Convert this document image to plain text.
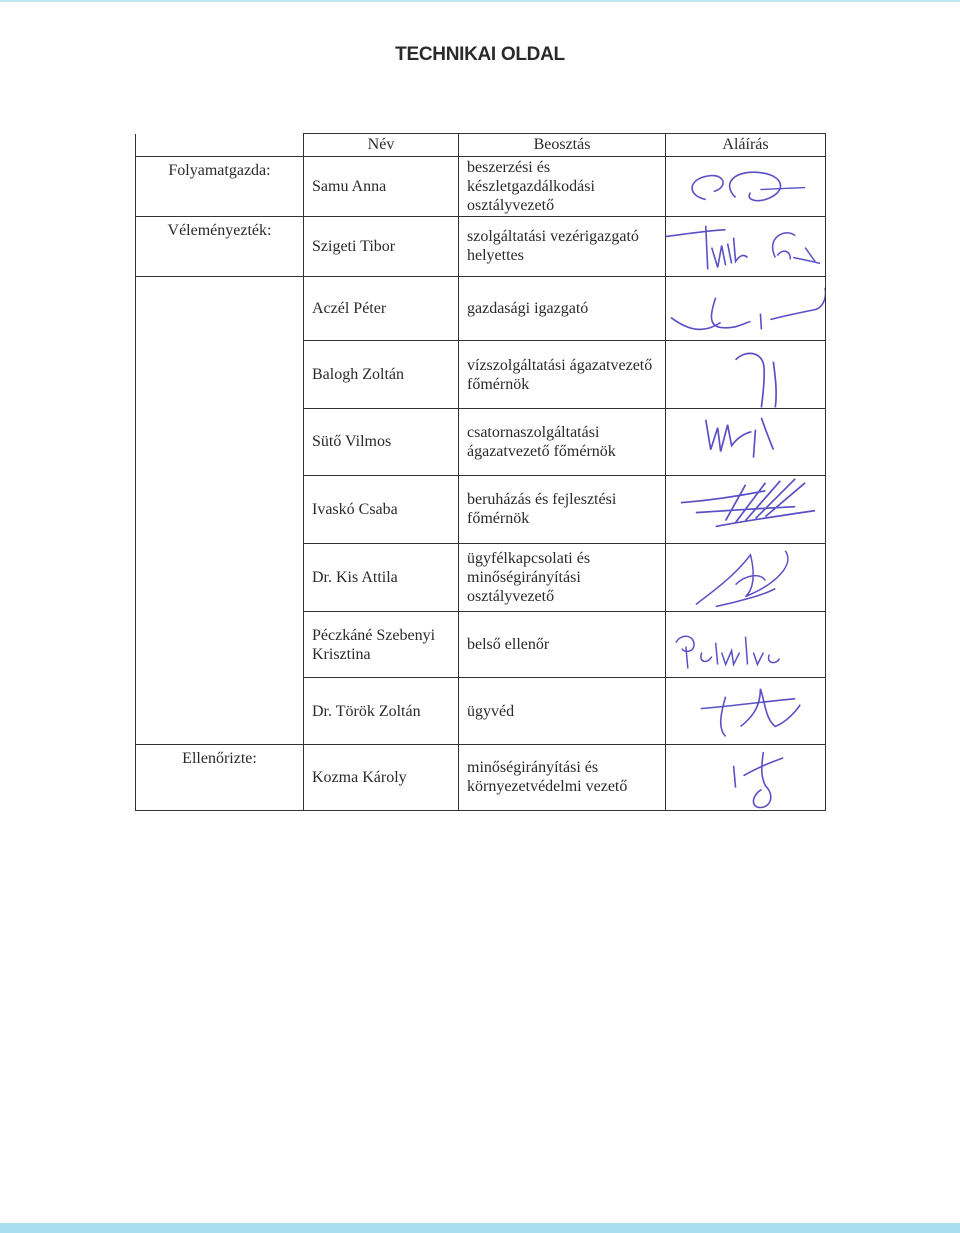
TECHNIKAI OLDAL
	Név	Beosztás	Aláírás
Folyamatgazda:	Samu Anna	beszerzési és készletgazdálkodási osztályvezető	

Véleményezték:	Szigeti Tibor	szolgáltatási vezérigazgató helyettes	

	Aczél Péter	gazdasági igazgató	

	Balogh Zoltán	vízszolgáltatási ágazatvezető főmérnök	

	Sütő Vilmos	csatornaszolgáltatási ágazatvezető főmérnök	

	Ivaskó Csaba	beruházás és fejlesztési főmérnök	

	Dr. Kis Attila	ügyfélkapcsolati és minőségirányítási osztályvezető	

	Péczkáné Szebenyi Krisztina	belső ellenőr	

	Dr. Török Zoltán	ügyvéd	

Ellenőrizte:	Kozma Károly	minőségirányítási és környezetvédelmi vezető	
